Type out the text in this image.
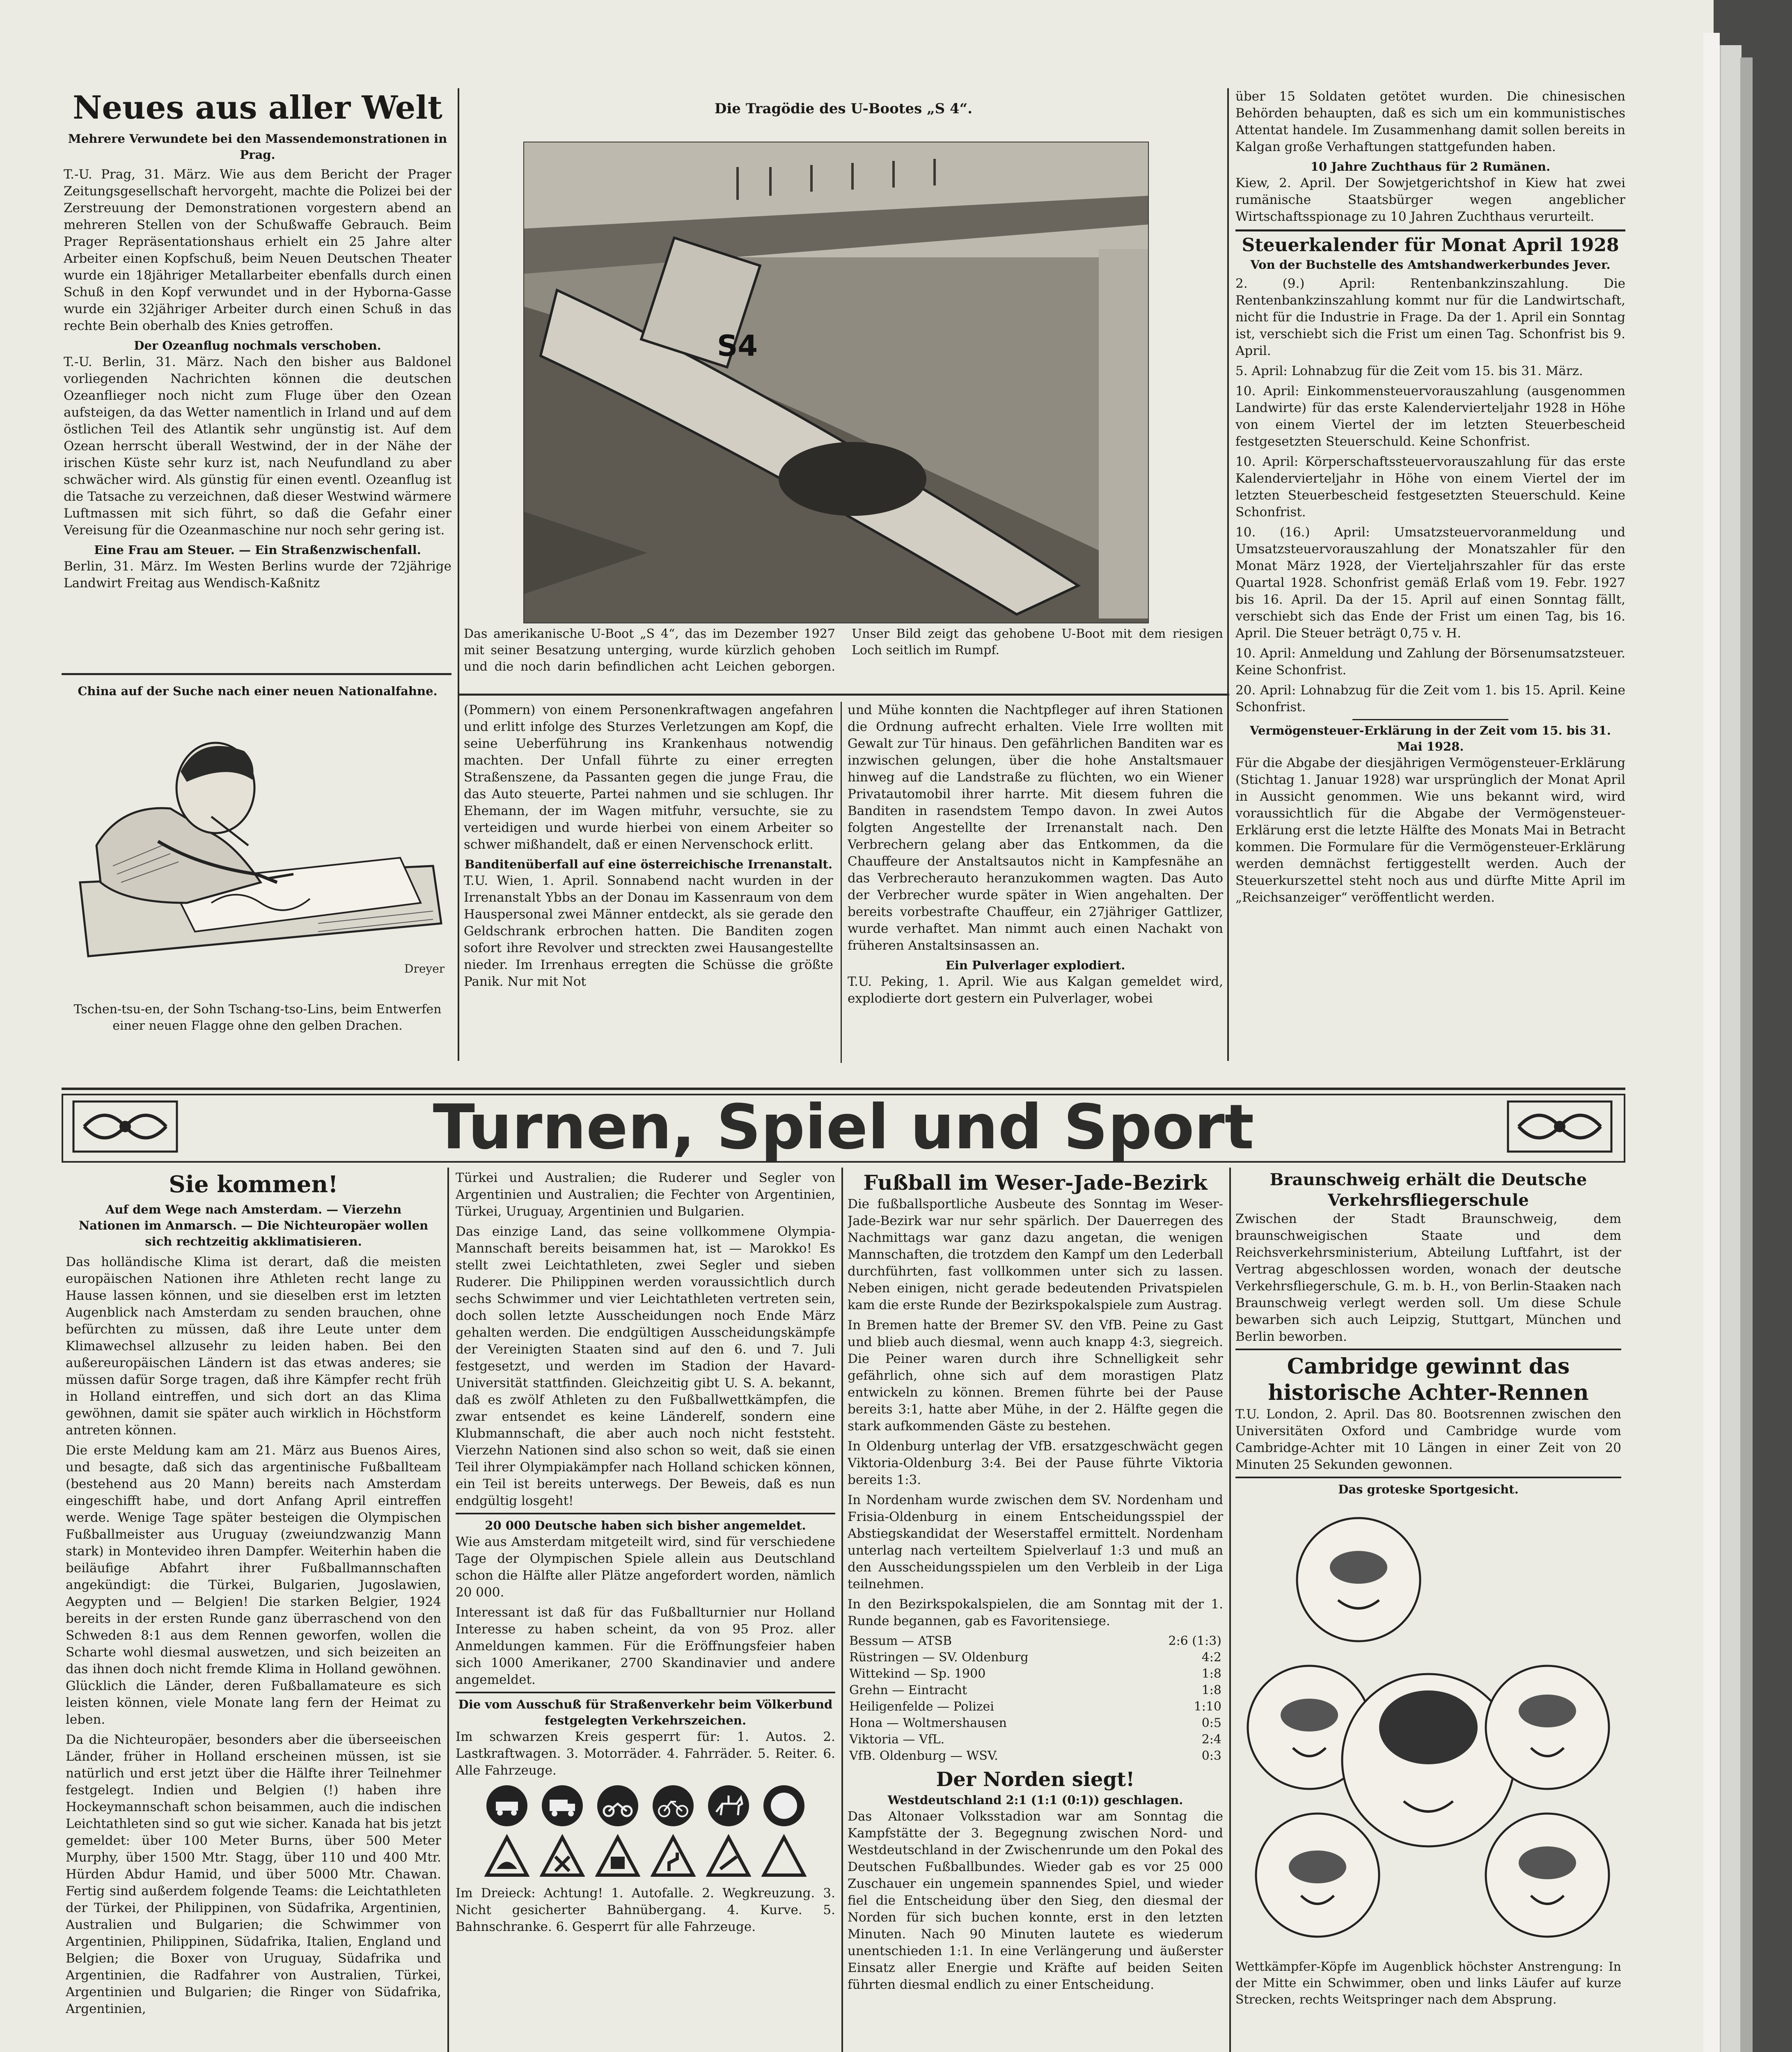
Neues aus aller Welt
Mehrere Verwundete bei den Massendemonstrationen in Prag.

T.-U. Prag, 31. März. Wie aus dem Bericht der Prager Zeitungsgesellschaft hervorgeht, machte die Polizei bei der Zerstreuung der Demonstrationen vorgestern abend an mehreren Stellen von der Schußwaffe Gebrauch. Beim Prager Repräsentationshaus erhielt ein 25 Jahre alter Arbeiter einen Kopfschuß, beim Neuen Deutschen Theater wurde ein 18jähriger Metallarbeiter ebenfalls durch einen Schuß in den Kopf verwundet und in der Hyborna-Gasse wurde ein 32jähriger Arbeiter durch einen Schuß in das rechte Bein oberhalb des Knies getroffen.

Der Ozeanflug nochmals verschoben.

T.-U. Berlin, 31. März. Nach den bisher aus Baldonel vorliegenden Nachrichten können die deutschen Ozeanflieger noch nicht zum Fluge über den Ozean aufsteigen, da das Wetter namentlich in Irland und auf dem östlichen Teil des Atlantik sehr ungünstig ist. Auf dem Ozean herrscht überall Westwind, der in der Nähe der irischen Küste sehr kurz ist, nach Neufundland zu aber schwächer wird. Als günstig für einen eventl. Ozeanflug ist die Tatsache zu verzeichnen, daß dieser Westwind wärmere Luftmassen mit sich führt, so daß die Gefahr einer Vereisung für die Ozeanmaschine nur noch sehr gering ist.

Eine Frau am Steuer. — Ein Straßenzwischenfall.

Berlin, 31. März. Im Westen Berlins wurde der 72jährige Landwirt Freitag aus Wendisch-Kaßnitz

China auf der Suche nach einer neuen Nationalfahne.
Dreyer
Tschen-tsu-en, der Sohn Tschang-tso-Lins, beim Entwerfen einer neuen Flagge ohne den gelben Drachen.
Die Tragödie des U-Bootes „S 4“.
S4
Das amerikanische U-Boot „S 4“, das im Dezember 1927 mit seiner Besatzung unterging, wurde kürzlich gehoben und die noch darin befindlichen acht Leichen geborgen. Unser Bild zeigt das gehobene U-Boot mit dem riesigen Loch seitlich im Rumpf.

(Pommern) von einem Personenkraftwagen angefahren und erlitt infolge des Sturzes Verletzungen am Kopf, die seine Ueberführung ins Krankenhaus notwendig machten. Der Unfall führte zu einer erregten Straßenszene, da Passanten gegen die junge Frau, die das Auto steuerte, Partei nahmen und sie schlugen. Ihr Ehemann, der im Wagen mitfuhr, versuchte, sie zu verteidigen und wurde hierbei von einem Arbeiter so schwer mißhandelt, daß er einen Nervenschock erlitt.

Banditenüberfall auf eine österreichische Irrenanstalt.

T.U. Wien, 1. April. Sonnabend nacht wurden in der Irrenanstalt Ybbs an der Donau im Kassenraum von dem Hauspersonal zwei Männer entdeckt, als sie gerade den Geldschrank erbrochen hatten. Die Banditen zogen sofort ihre Revolver und streckten zwei Hausangestellte nieder. Im Irrenhaus erregten die Schüsse die größte Panik. Nur mit Not

und Mühe konnten die Nachtpfleger auf ihren Stationen die Ordnung aufrecht erhalten. Viele Irre wollten mit Gewalt zur Tür hinaus. Den gefährlichen Banditen war es inzwischen gelungen, über die hohe Anstaltsmauer hinweg auf die Landstraße zu flüchten, wo ein Wiener Privatautomobil ihrer harrte. Mit diesem fuhren die Banditen in rasendstem Tempo davon. In zwei Autos folgten Angestellte der Irrenanstalt nach. Den Verbrechern gelang aber das Entkommen, da die Chauffeure der Anstaltsautos nicht in Kampfesnähe an das Verbrecherauto heranzukommen wagten. Das Auto der Verbrecher wurde später in Wien angehalten. Der bereits vorbestrafte Chauffeur, ein 27jähriger Gattlizer, wurde verhaftet. Man nimmt auch einen Nachakt von früheren Anstaltsinsassen an.

Ein Pulverlager explodiert.

T.U. Peking, 1. April. Wie aus Kalgan gemeldet wird, explodierte dort gestern ein Pulverlager, wobei

über 15 Soldaten getötet wurden. Die chinesischen Behörden behaupten, daß es sich um ein kommunistisches Attentat handele. Im Zusammenhang damit sollen bereits in Kalgan große Verhaftungen stattgefunden haben.

10 Jahre Zuchthaus für 2 Rumänen.

Kiew, 2. April. Der Sowjetgerichtshof in Kiew hat zwei rumänische Staatsbürger wegen angeblicher Wirtschaftsspionage zu 10 Jahren Zuchthaus verurteilt.

Steuerkalender für Monat April 1928
Von der Buchstelle des Amtshandwerkerbundes Jever.

2. (9.) April: Rentenbankzinszahlung. Die Rentenbankzinszahlung kommt nur für die Landwirtschaft, nicht für die Industrie in Frage. Da der 1. April ein Sonntag ist, verschiebt sich die Frist um einen Tag. Schonfrist bis 9. April.

5. April: Lohnabzug für die Zeit vom 15. bis 31. März.

10. April: Einkommensteuervorauszahlung (ausgenommen Landwirte) für das erste Kalendervierteljahr 1928 in Höhe von einem Viertel der im letzten Steuerbescheid festgesetzten Steuerschuld. Keine Schonfrist.

10. April: Körperschaftssteuervorauszahlung für das erste Kalendervierteljahr in Höhe von einem Viertel der im letzten Steuerbescheid festgesetzten Steuerschuld. Keine Schonfrist.

10. (16.) April: Umsatzsteuervoranmeldung und Umsatzsteuervorauszahlung der Monatszahler für den Monat März 1928, der Vierteljahrszahler für das erste Quartal 1928. Schonfrist gemäß Erlaß vom 19. Febr. 1927 bis 16. April. Da der 15. April auf einen Sonntag fällt, verschiebt sich das Ende der Frist um einen Tag, bis 16. April. Die Steuer beträgt 0,75 v. H.

10. April: Anmeldung und Zahlung der Börsenumsatzsteuer. Keine Schonfrist.

20. April: Lohnabzug für die Zeit vom 1. bis 15. April. Keine Schonfrist.

Vermögensteuer-Erklärung in der Zeit vom 15. bis 31. Mai 1928.

Für die Abgabe der diesjährigen Vermögensteuer-Erklärung (Stichtag 1. Januar 1928) war ursprünglich der Monat April in Aussicht genommen. Wie uns bekannt wird, wird voraussichtlich für die Abgabe der Vermögensteuer-Erklärung erst die letzte Hälfte des Monats Mai in Betracht kommen. Die Formulare für die Vermögensteuer-Erklärung werden demnächst fertiggestellt werden. Auch der Steuerkurszettel steht noch aus und dürfte Mitte April im „Reichsanzeiger“ veröffentlicht werden.

Turnen, Spiel und Sport
Sie kommen!
Auf dem Wege nach Amsterdam. — Vierzehn Nationen im Anmarsch. — Die Nichteuropäer wollen sich rechtzeitig akklimatisieren.

Das holländische Klima ist derart, daß die meisten europäischen Nationen ihre Athleten recht lange zu Hause lassen können, und sie dieselben erst im letzten Augenblick nach Amsterdam zu senden brauchen, ohne befürchten zu müssen, daß ihre Leute unter dem Klimawechsel allzusehr zu leiden haben. Bei den außereuropäischen Ländern ist das etwas anderes; sie müssen dafür Sorge tragen, daß ihre Kämpfer recht früh in Holland eintreffen, und sich dort an das Klima gewöhnen, damit sie später auch wirklich in Höchstform antreten können.

Die erste Meldung kam am 21. März aus Buenos Aires, und besagte, daß sich das argentinische Fußballteam (bestehend aus 20 Mann) bereits nach Amsterdam eingeschifft habe, und dort Anfang April eintreffen werde. Wenige Tage später besteigen die Olympischen Fußballmeister aus Uruguay (zweiundzwanzig Mann stark) in Montevideo ihren Dampfer. Weiterhin haben die beiläufige Abfahrt ihrer Fußballmannschaften angekündigt: die Türkei, Bulgarien, Jugoslawien, Aegypten und — Belgien! Die starken Belgier, 1924 bereits in der ersten Runde ganz überraschend von den Schweden 8:1 aus dem Rennen geworfen, wollen die Scharte wohl diesmal auswetzen, und sich beizeiten an das ihnen doch nicht fremde Klima in Holland gewöhnen. Glücklich die Länder, deren Fußballamateure es sich leisten können, viele Monate lang fern der Heimat zu leben.

Da die Nichteuropäer, besonders aber die überseeischen Länder, früher in Holland erscheinen müssen, ist sie natürlich und erst jetzt über die Hälfte ihrer Teilnehmer festgelegt. Indien und Belgien (!) haben ihre Hockeymannschaft schon beisammen, auch die indischen Leichtathleten sind so gut wie sicher. Kanada hat bis jetzt gemeldet: über 100 Meter Burns, über 500 Meter Murphy, über 1500 Mtr. Stagg, über 110 und 400 Mtr. Hürden Abdur Hamid, und über 5000 Mtr. Chawan. Fertig sind außerdem folgende Teams: die Leichtathleten der Türkei, der Philippinen, von Südafrika, Argentinien, Australien und Bulgarien; die Schwimmer von Argentinien, Philippinen, Südafrika, Italien, England und Belgien; die Boxer von Uruguay, Südafrika und Argentinien, die Radfahrer von Australien, Türkei, Argentinien und Bulgarien; die Ringer von Südafrika, Argentinien,

Türkei und Australien; die Ruderer und Segler von Argentinien und Australien; die Fechter von Argentinien, Türkei, Uruguay, Argentinien und Bulgarien.

Das einzige Land, das seine vollkommene Olympia-Mannschaft bereits beisammen hat, ist — Marokko! Es stellt zwei Leichtathleten, zwei Segler und sieben Ruderer. Die Philippinen werden voraussichtlich durch sechs Schwimmer und vier Leichtathleten vertreten sein, doch sollen letzte Ausscheidungen noch Ende März gehalten werden. Die endgültigen Ausscheidungskämpfe der Vereinigten Staaten sind auf den 6. und 7. Juli festgesetzt, und werden im Stadion der Havard-Universität stattfinden. Gleichzeitig gibt U. S. A. bekannt, daß es zwölf Athleten zu den Fußballwettkämpfen, die zwar entsendet es keine Länderelf, sondern eine Klubmannschaft, die aber auch noch nicht feststeht. Vierzehn Nationen sind also schon so weit, daß sie einen Teil ihrer Olympiakämpfer nach Holland schicken können, ein Teil ist bereits unterwegs. Der Beweis, daß es nun endgültig losgeht!

20 000 Deutsche haben sich bisher angemeldet.

Wie aus Amsterdam mitgeteilt wird, sind für verschiedene Tage der Olympischen Spiele allein aus Deutschland schon die Hälfte aller Plätze angefordert worden, nämlich 20 000.

Interessant ist daß für das Fußballturnier nur Holland Interesse zu haben scheint, da von 95 Proz. aller Anmeldungen kammen. Für die Eröffnungsfeier haben sich 1000 Amerikaner, 2700 Skandinavier und andere angemeldet.

Die vom Ausschuß für Straßenverkehr beim Völkerbund festgelegten Verkehrszeichen.

Im schwarzen Kreis gesperrt für: 1. Autos. 2. Lastkraftwagen. 3. Motorräder. 4. Fahrräder. 5. Reiter. 6. Alle Fahrzeuge.

Im Dreieck: Achtung! 1. Autofalle. 2. Wegkreuzung. 3. Nicht gesicherter Bahnübergang. 4. Kurve. 5. Bahnschranke. 6. Gesperrt für alle Fahrzeuge.

Fußball im Weser-Jade-Bezirk

Die fußballsportliche Ausbeute des Sonntag im Weser-Jade-Bezirk war nur sehr spärlich. Der Dauerregen des Nachmittags war ganz dazu angetan, die wenigen Mannschaften, die trotzdem den Kampf um den Lederball durchführten, fast vollkommen unter sich zu lassen. Neben einigen, nicht gerade bedeutenden Privatspielen kam die erste Runde der Bezirkspokalspiele zum Austrag.

In Bremen hatte der Bremer SV. den VfB. Peine zu Gast und blieb auch diesmal, wenn auch knapp 4:3, siegreich. Die Peiner waren durch ihre Schnelligkeit sehr gefährlich, ohne sich auf dem morastigen Platz entwickeln zu können. Bremen führte bei der Pause bereits 3:1, hatte aber Mühe, in der 2. Hälfte gegen die stark aufkommenden Gäste zu bestehen.

In Oldenburg unterlag der VfB. ersatzgeschwächt gegen Viktoria-Oldenburg 3:4. Bei der Pause führte Viktoria bereits 1:3.

In Nordenham wurde zwischen dem SV. Nordenham und Frisia-Oldenburg in einem Entscheidungsspiel der Abstiegskandidat der Weserstaffel ermittelt. Nordenham unterlag nach verteiltem Spielverlauf 1:3 und muß an den Ausscheidungsspielen um den Verbleib in der Liga teilnehmen.

In den Bezirkspokalspielen, die am Sonntag mit der 1. Runde begannen, gab es Favoritensiege.

Bessum — ATSB	2:6 (1:3)
Rüstringen — SV. Oldenburg	4:2
Wittekind — Sp. 1900	1:8
Grehn — Eintracht	1:8
Heiligenfelde — Polizei	1:10
Hona — Woltmershausen	0:5
Viktoria — VfL.	2:4
VfB. Oldenburg — WSV.	0:3
Der Norden siegt!
Westdeutschland 2:1 (1:1 (0:1)) geschlagen.

Das Altonaer Volksstadion war am Sonntag die Kampfstätte der 3. Begegnung zwischen Nord- und Westdeutschland in der Zwischenrunde um den Pokal des Deutschen Fußballbundes. Wieder gab es vor 25 000 Zuschauer ein ungemein spannendes Spiel, und wieder fiel die Entscheidung über den Sieg, den diesmal der Norden für sich buchen konnte, erst in den letzten Minuten. Nach 90 Minuten lautete es wiederum unentschieden 1:1. In eine Verlängerung und äußerster Einsatz aller Energie und Kräfte auf beiden Seiten führten diesmal endlich zu einer Entscheidung.

Braunschweig erhält die Deutsche Verkehrsfliegerschule

Zwischen der Stadt Braunschweig, dem braunschweigischen Staate und dem Reichsverkehrsministerium, Abteilung Luftfahrt, ist der Vertrag abgeschlossen worden, wonach der deutsche Verkehrsfliegerschule, G. m. b. H., von Berlin-Staaken nach Braunschweig verlegt werden soll. Um diese Schule bewarben sich auch Leipzig, Stuttgart, München und Berlin beworben.

Cambridge gewinnt das historische Achter-Rennen

T.U. London, 2. April. Das 80. Bootsrennen zwischen den Universitäten Oxford und Cambridge wurde vom Cambridge-Achter mit 10 Längen in einer Zeit von 20 Minuten 25 Sekunden gewonnen.

Das groteske Sportgesicht.

Wettkämpfer-Köpfe im Augenblick höchster Anstrengung: In der Mitte ein Schwimmer, oben und links Läufer auf kurze Strecken, rechts Weitspringer nach dem Absprung.
